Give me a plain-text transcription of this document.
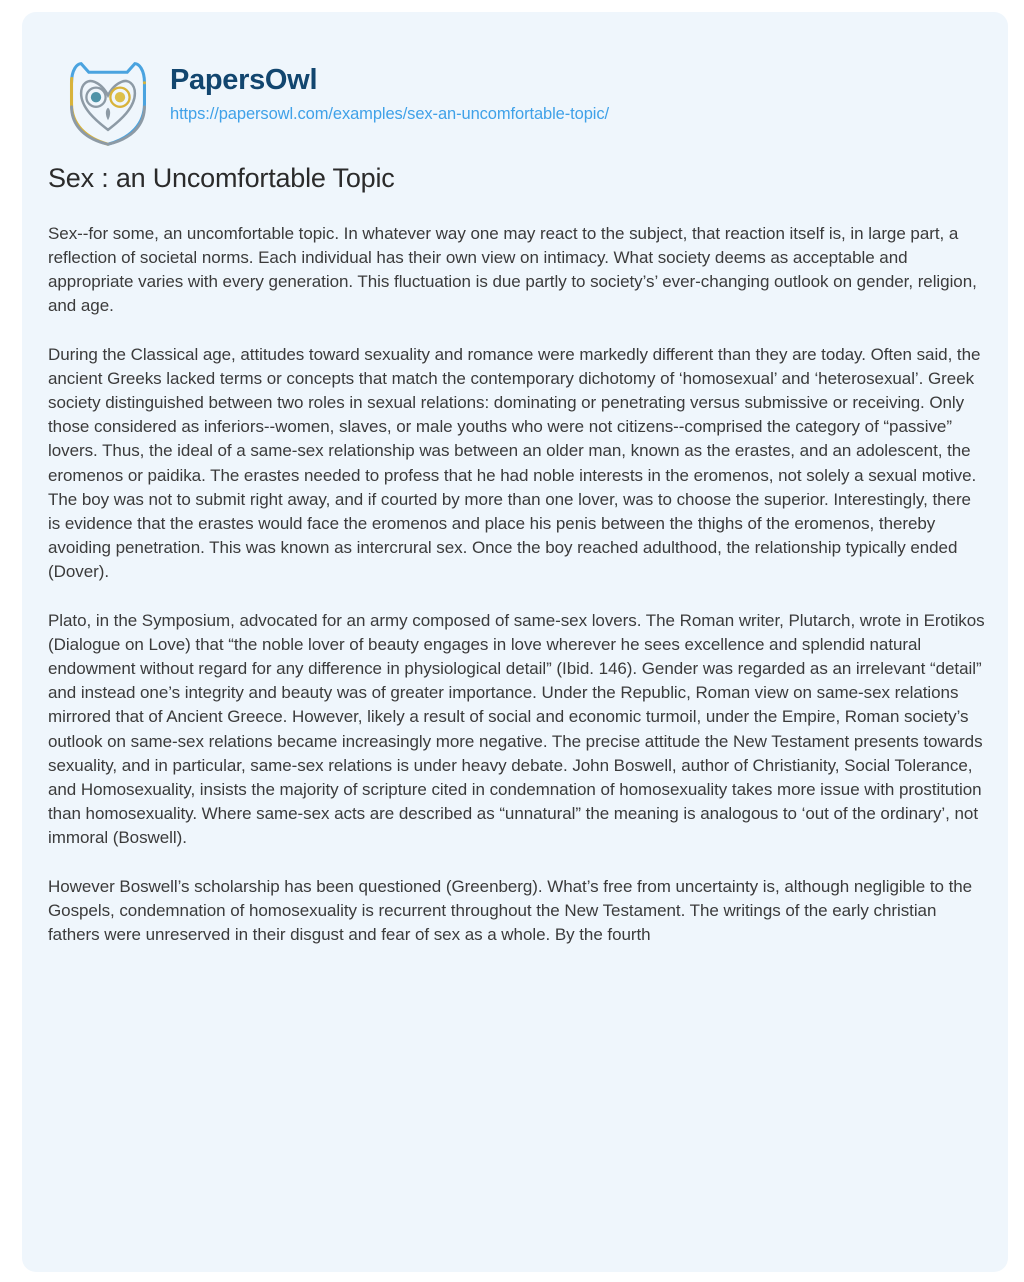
PapersOwl
https://papersowl.com/examples/sex-an-uncomfortable-topic/
Sex : an Uncomfortable Topic

Sex--for some, an uncomfortable topic. In whatever way one may react to the subject, that reaction itself is, in large part, a reflection of societal norms. Each individual has their own view on intimacy. What society deems as acceptable and appropriate varies with every generation. This fluctuation is due partly to society’s’ ever-changing outlook on gender, religion, and age.

During the Classical age, attitudes toward sexuality and romance were markedly different than they are today. Often said, the ancient Greeks lacked terms or concepts that match the contemporary dichotomy of ‘homosexual’ and ‘heterosexual’. Greek society distinguished between two roles in sexual relations: dominating or penetrating versus submissive or receiving. Only those considered as inferiors--women, slaves, or male youths who were not citizens--comprised the category of “passive” lovers. Thus, the ideal of a same-sex relationship was between an older man, known as the erastes, and an adolescent, the eromenos or paidika. The erastes needed to profess that he had noble interests in the eromenos, not solely a sexual motive. The boy was not to submit right away, and if courted by more than one lover, was to choose the superior. Interestingly, there is evidence that the erastes would face the eromenos and place his penis between the thighs of the eromenos, thereby avoiding penetration. This was known as intercrural sex. Once the boy reached adulthood, the relationship typically ended (Dover).

Plato, in the Symposium, advocated for an army composed of same-sex lovers. The Roman writer, Plutarch, wrote in Erotikos (Dialogue on Love) that “the noble lover of beauty engages in love wherever he sees excellence and splendid natural endowment without regard for any difference in physiological detail” (Ibid. 146). Gender was regarded as an irrelevant “detail” and instead one’s integrity and beauty was of greater importance. Under the Republic, Roman view on same-sex relations mirrored that of Ancient Greece. However, likely a result of social and economic turmoil, under the Empire, Roman society’s outlook on same-sex relations became increasingly more negative. The precise attitude the New Testament presents towards sexuality, and in particular, same-sex relations is under heavy debate. John Boswell, author of Christianity, Social Tolerance, and Homosexuality, insists the majority of scripture cited in condemnation of homosexuality takes more issue with prostitution than homosexuality. Where same-sex acts are described as “unnatural” the meaning is analogous to ‘out of the ordinary’, not immoral (Boswell).

However Boswell’s scholarship has been questioned (Greenberg). What’s free from uncertainty is, although negligible to the Gospels, condemnation of homosexuality is recurrent throughout the New Testament. The writings of the early christian fathers were unreserved in their disgust and fear of sex as a whole. By the fourth
